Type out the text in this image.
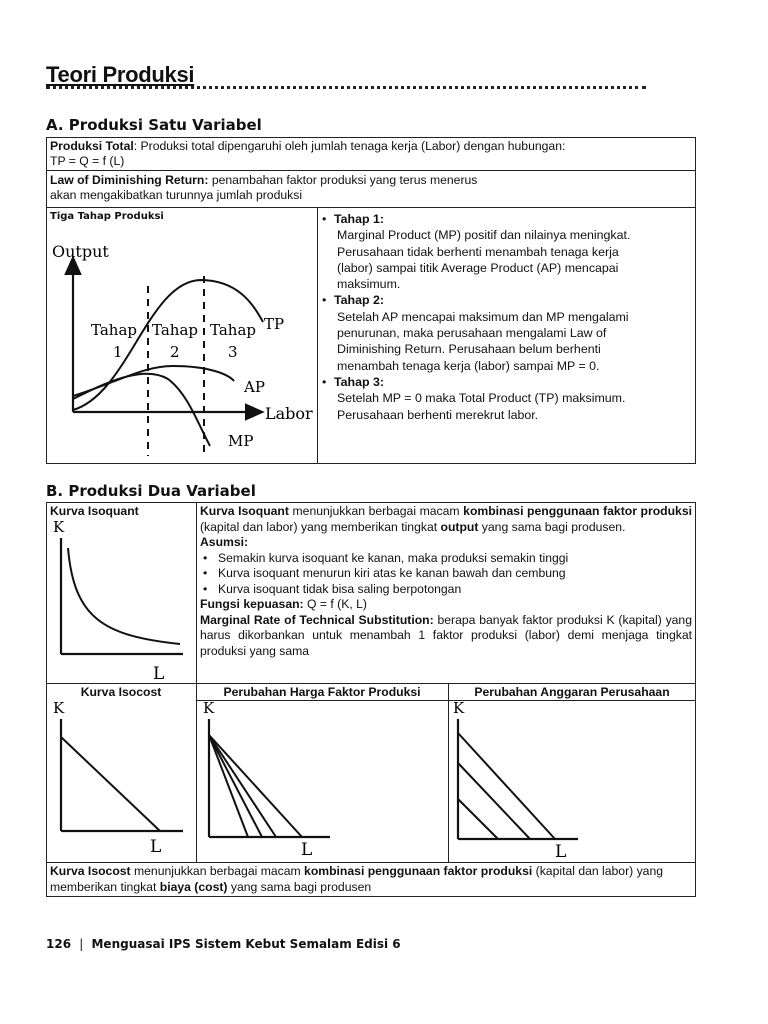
Teori Produksi
A. Produksi Satu Variabel
Produksi Total: Produksi total dipengaruhi oleh jumlah tenaga kerja (Labor) dengan hubungan:
TP = Q = f (L)
Law of Diminishing Return: penambahan faktor produksi yang terus menerus
akan mengakibatkan turunnya jumlah produksi
Tiga Tahap Produksi
Output
Labor
Tahap
1
Tahap
2
Tahap
3
TP
AP
MP
• Tahap 1:
Marginal Product (MP) positif dan nilainya meningkat.
Perusahaan tidak berhenti menambah tenaga kerja
(labor) sampai titik Average Product (AP) mencapai
maksimum.
• Tahap 2:
Setelah AP mencapai maksimum dan MP mengalami
penurunan, maka perusahaan mengalami Law of
Diminishing Return. Perusahaan belum berhenti
menambah tenaga kerja (labor) sampai MP = 0.
• Tahap 3:
Setelah MP = 0 maka Total Product (TP) maksimum.
Perusahaan berhenti merekrut labor.
B. Produksi Dua Variabel
Kurva Isoquant
K
L
Kurva Isoquant menunjukkan berbagai macam kombinasi penggunaan faktor produksi (kapital dan labor) yang memberikan tingkat output yang sama bagi produsen.
Asumsi:
• Semakin kurva isoquant ke kanan, maka produksi semakin tinggi
• Kurva isoquant menurun kiri atas ke kanan bawah dan cembung
• Kurva isoquant tidak bisa saling berpotongan
Fungsi kepuasan: Q = f (K, L)
Marginal Rate of Technical Substitution: berapa banyak faktor produksi K (kapital) yang harus dikorbankan untuk menambah 1 faktor produksi (labor) demi menjaga tingkat produksi yang sama
Kurva Isocost	Perubahan Harga Faktor Produksi	Perubahan Anggaran Perusahaan
K
L
K
L
K
L
Kurva Isocost menunjukkan berbagai macam kombinasi penggunaan faktor produksi (kapital dan labor) yang memberikan tingkat biaya (cost) yang sama bagi produsen
126 | Menguasai IPS Sistem Kebut Semalam Edisi 6
